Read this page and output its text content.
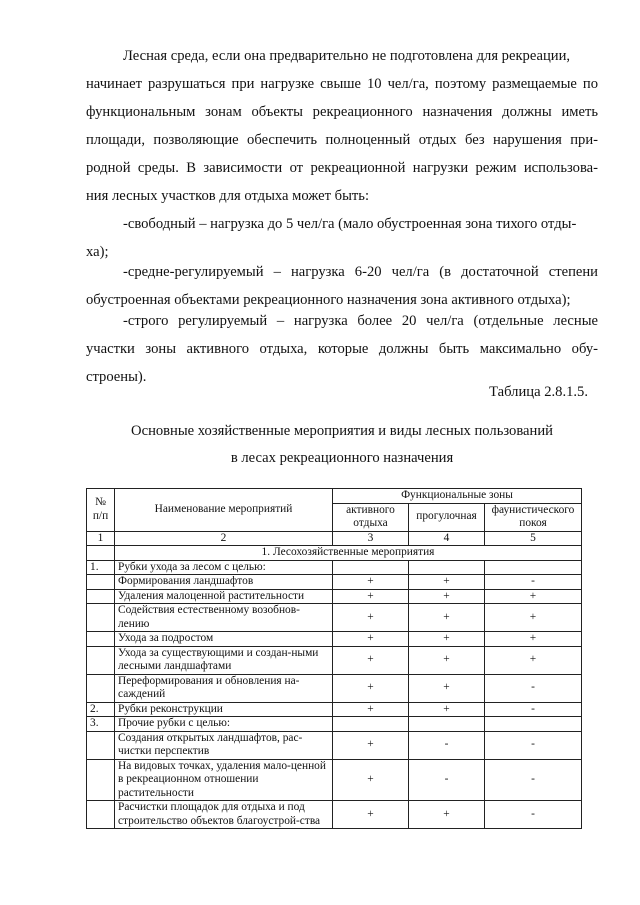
Лесная среда, если она предварительно не подготовлена для рекреации,
начинает разрушаться при нагрузке свыше 10 чел/га, поэтому размещаемые по
функциональным зонам объекты рекреационного назначения должны иметь
площади, позволяющие обеспечить полноценный отдых без нарушения при-
родной среды. В зависимости от рекреационной нагрузки режим использова-
ния лесных участков для отдыха может быть:
-свободный – нагрузка до 5 чел/га (мало обустроенная зона тихого отды-
ха);
-средне-регулируемый – нагрузка 6-20 чел/га (в достаточной степени
обустроенная объектами рекреационного назначения зона активного отдыха);
-строго регулируемый – нагрузка более 20 чел/га (отдельные лесные
участки зоны активного отдыха, которые должны быть максимально обу-
строены).
Таблица 2.8.1.5.
Основные хозяйственные мероприятия и виды лесных пользований
в лесах рекреационного назначения
№ п/п	Наименование мероприятий	Функциональные зоны		
		активного отдыха	прогулочная	фаунистического покоя
1	2	3	4	5
	1. Лесохозяйственные мероприятия			
1.	Рубки ухода за лесом с целью:			
	Формирования ландшафтов	+	+	-
	Удаления малоценной растительности	+	+	+
	Содействия естественному возобнов-лению	+	+	+
	Ухода за подростом	+	+	+
	Ухода за существующими и создан-ными лесными ландшафтами	+	+	+
	Переформирования и обновления на-саждений	+	+	-
2.	Рубки реконструкции	+	+	-
3.	Прочие рубки с целью:			
	Создания открытых ландшафтов, рас-чистки перспектив	+	-	-
	На видовых точках, удаления мало-ценной в рекреационном отношении растительности	+	-	-
	Расчистки площадок для отдыха и под строительство объектов благоустрой-ства	+	+	-
